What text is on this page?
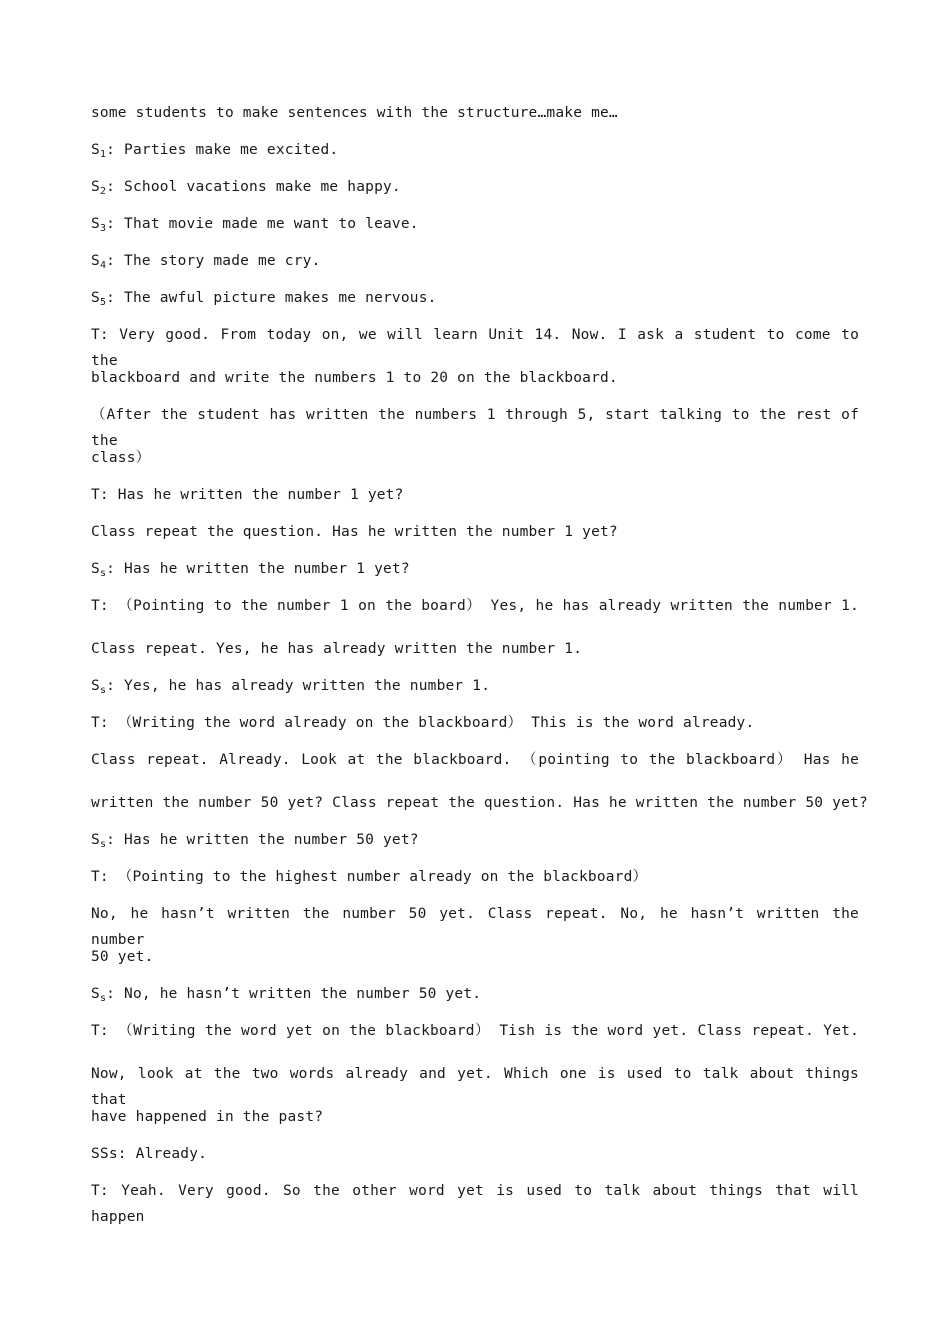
some students to make sentences with the structure…make me…
$S_1$: Parties make me excited.
$S_2$: School vacations make me happy.
$S_3$: That movie made me want to leave.
$S_4$: The story made me cry.
$S_5$: The awful picture makes me nervous.
T: Very good. From today on, we will learn Unit 14. Now. I ask a student to come to the
blackboard and write the numbers 1 to 20 on the blackboard.
（After the student has written the numbers 1 through 5, start talking to the rest of the
class）
T: Has he written the number 1 yet?
Class repeat the question. Has he written the number 1 yet?
$S_s$: Has he written the number 1 yet?
T: （Pointing to the number 1 on the board） Yes, he has already written the number 1.
Class repeat. Yes, he has already written the number 1.
$S_s$: Yes, he has already written the number 1.
T: （Writing the word already on the blackboard） This is the word already.
Class repeat. Already. Look at the blackboard. （pointing to the blackboard） Has he
written the number 50 yet? Class repeat the question. Has he written the number 50 yet?
$S_s$: Has he written the number 50 yet?
T: （Pointing to the highest number already on the blackboard）
No, he hasn’t written the number 50 yet. Class repeat. No, he hasn’t written the number
50 yet.
$S_s$: No, he hasn’t written the number 50 yet.
T: （Writing the word yet on the blackboard） Tish is the word yet. Class repeat. Yet.
Now, look at the two words already and yet. Which one is used to talk about things that
have happened in the past?
SSs: Already.
T: Yeah. Very good. So the other word yet is used to talk about things that will happen
